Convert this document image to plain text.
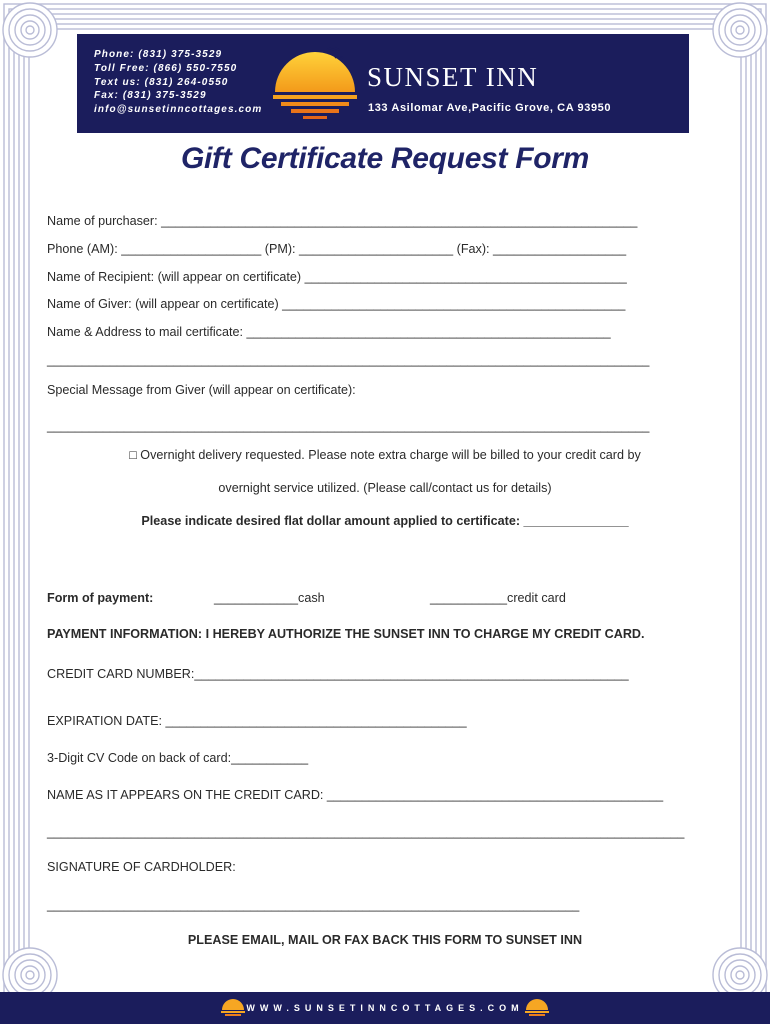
Phone: (831) 375-3529
Toll Free: (866) 550-7550
Text us: (831) 264-0550
Fax: (831) 375-3529
info@sunsetinncottages.com
SUNSET INN
133 Asilomar Ave,Pacific Grove, CA 93950
Gift Certificate Request Form
Name of purchaser: ____________________________________________________________________
Phone (AM): ____________________ (PM): ______________________ (Fax): ___________________
Name of Recipient: (will appear on certificate) ______________________________________________
Name of Giver: (will appear on certificate) _________________________________________________
Name & Address to mail certificate: ____________________________________________________
______________________________________________________________________________________
Special Message from Giver (will appear on certificate):
______________________________________________________________________________________
□ Overnight delivery requested. Please note extra charge will be billed to your credit card by
overnight service utilized. (Please call/contact us for details)
Please indicate desired flat dollar amount applied to certificate: _______________
Form of payment:	____________cash	___________credit card
PAYMENT INFORMATION: I HEREBY AUTHORIZE THE SUNSET INN TO CHARGE MY CREDIT CARD.
CREDIT CARD NUMBER:______________________________________________________________
EXPIRATION DATE: ___________________________________________
3-Digit CV Code on back of card:___________
NAME AS IT APPEARS ON THE CREDIT CARD: ________________________________________________
___________________________________________________________________________________________
SIGNATURE OF CARDHOLDER:
____________________________________________________________________________
PLEASE EMAIL, MAIL OR FAX BACK THIS FORM TO SUNSET INN
WWW.SUNSETINNCOTTAGES.COM
